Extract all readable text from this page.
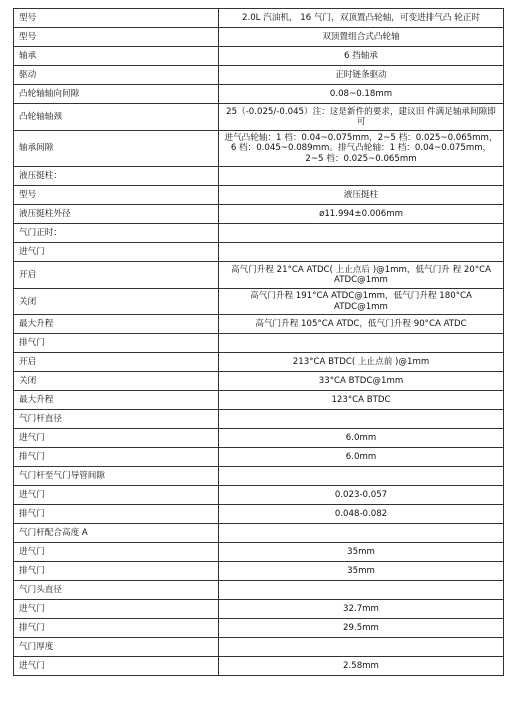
型号	2.0L 汽油机， 16 气门，双顶置凸轮轴，可变进排气凸 轮正时
型号	双顶置组合式凸轮轴
轴承	6 挡轴承
驱动	正时链条驱动
凸轮轴轴向间隙	0.08~0.18mm
凸轮轴轴颈	25（-0.025/-0.045）注：这是新件的要求，建议旧 件满足轴承间隙即可
轴承间隙	进气凸轮轴：1 档：0.04~0.075mm，2~5 档：0.025~0.065mm，6 档：0.045~0.089mm。排气凸轮轴：1 档：0.04~0.075mm，2~5 档：0.025~0.065mm
液压挺柱：	
型号	液压挺柱
液压挺柱外径	ø11.994±0.006mm
气门正时：	
进气门	
开启	高气门升程 21°CA ATDC( 上止点后 )@1mm，低气门升 程 20°CA ATDC@1mm
关闭	高气门升程 191°CA ATDC@1mm，低气门升程 180°CA ATDC@1mm
最大升程	高气门升程 105°CA ATDC，低气门升程 90°CA ATDC
排气门	
开启	213°CA BTDC( 上止点前 )@1mm
关闭	33°CA BTDC@1mm
最大升程	123°CA BTDC
气门杆直径	
进气门	6.0mm
排气门	6.0mm
气门杆至气门导管间隙	
进气门	0.023-0.057
排气门	0.048-0.082
气门杆配合高度 A	
进气门	35mm
排气门	35mm
气门头直径	
进气门	32.7mm
排气门	29.5mm
气门厚度	
进气门	2.58mm
